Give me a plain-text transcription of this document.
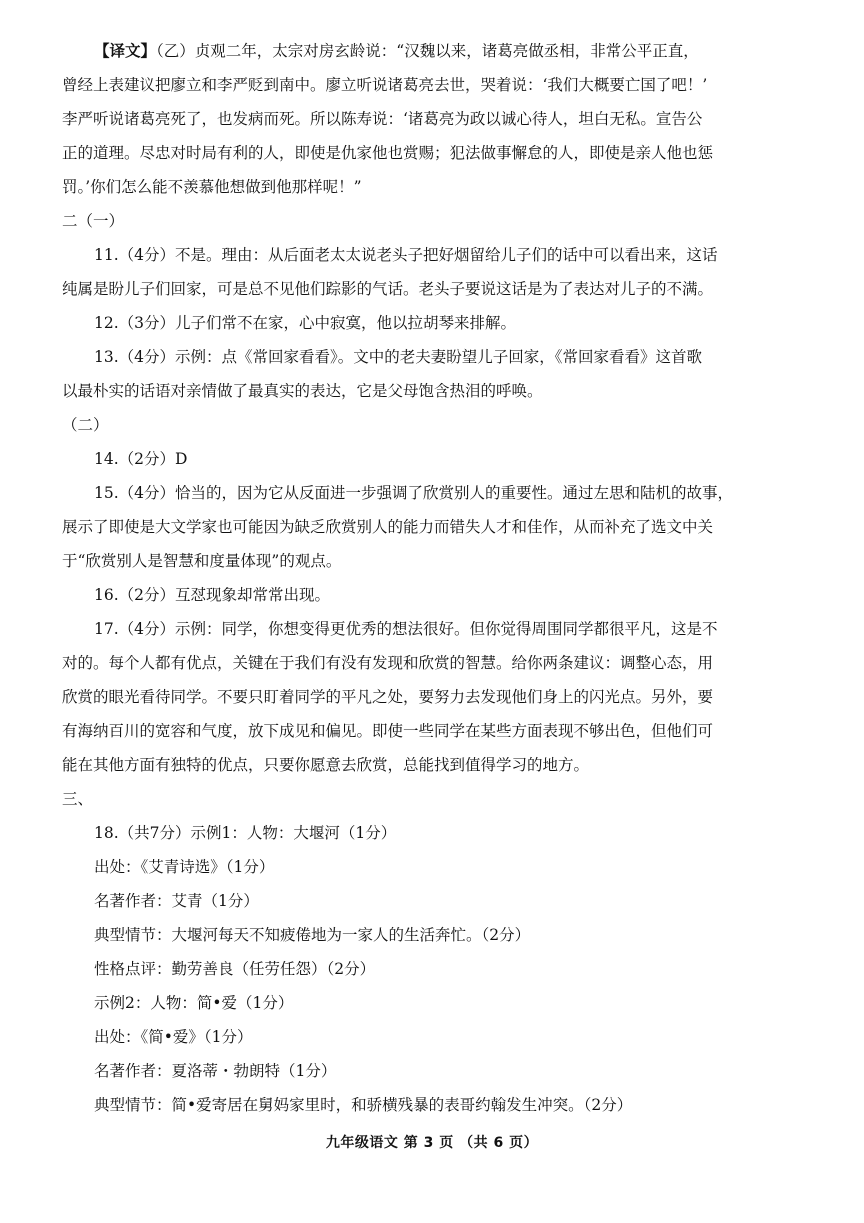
【译文】（乙）贞观二年，太宗对房玄龄说：“汉魏以来，诸葛亮做丞相，非常公平正直，

曾经上表建议把廖立和李严贬到南中。廖立听说诸葛亮去世，哭着说：‘我们大概要亡国了吧！’

李严听说诸葛亮死了，也发病而死。所以陈寿说：‘诸葛亮为政以诚心待人，坦白无私。宣告公

正的道理。尽忠对时局有利的人，即使是仇家他也赏赐；犯法做事懈怠的人，即使是亲人他也惩

罚。’你们怎么能不羡慕他想做到他那样呢！”

二（一）

11.（4分）不是。理由：从后面老太太说老头子把好烟留给儿子们的话中可以看出来，这话

纯属是盼儿子们回家，可是总不见他们踪影的气话。老头子要说这话是为了表达对儿子的不满。

12.（3分）儿子们常不在家，心中寂寞，他以拉胡琴来排解。

13.（4分）示例：点《常回家看看》。文中的老夫妻盼望儿子回家，《常回家看看》这首歌

以最朴实的话语对亲情做了最真实的表达，它是父母饱含热泪的呼唤。

（二）

14.（2分）D

15.（4分）恰当的，因为它从反面进一步强调了欣赏别人的重要性。通过左思和陆机的故事，

展示了即使是大文学家也可能因为缺乏欣赏别人的能力而错失人才和佳作，从而补充了选文中关

于“欣赏别人是智慧和度量体现”的观点。

16.（2分）互怼现象却常常出现。

17.（4分）示例：同学，你想变得更优秀的想法很好。但你觉得周围同学都很平凡，这是不

对的。每个人都有优点，关键在于我们有没有发现和欣赏的智慧。给你两条建议：调整心态，用

欣赏的眼光看待同学。不要只盯着同学的平凡之处，要努力去发现他们身上的闪光点。另外，要

有海纳百川的宽容和气度，放下成见和偏见。即使一些同学在某些方面表现不够出色，但他们可

能在其他方面有独特的优点，只要你愿意去欣赏，总能找到值得学习的地方。

三、

18.（共7分）示例1：人物：大堰河（1分）

出处：《艾青诗选》（1分）

名著作者：艾青（1分）

典型情节：大堰河每天不知疲倦地为一家人的生活奔忙。（2分）

性格点评：勤劳善良（任劳任怨）（2分）

示例2：人物：简•爱（1分）

出处：《简•爱》（1分）

名著作者：夏洛蒂・勃朗特（1分）

典型情节：简•爱寄居在舅妈家里时，和骄横残暴的表哥约翰发生冲突。（2分）

九年级语文 第 3 页 （共 6 页）
